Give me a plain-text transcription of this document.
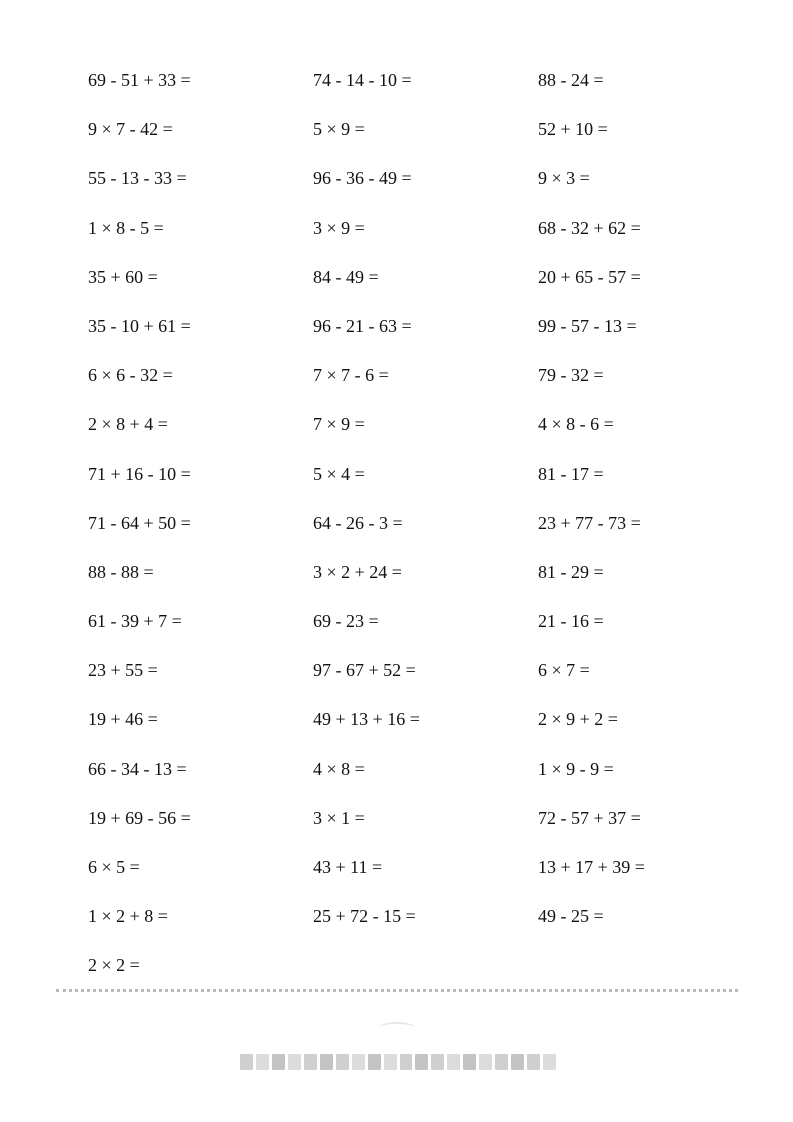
69 - 51 + 33 =
9 × 7 - 42 =
55 - 13 - 33 =
1 × 8 - 5 =
35 + 60 =
35 - 10 + 61 =
6 × 6 - 32 =
2 × 8 + 4 =
71 + 16 - 10 =
71 - 64 + 50 =
88 - 88 =
61 - 39 + 7 =
23 + 55 =
19 + 46 =
66 - 34 - 13 =
19 + 69 - 56 =
6 × 5 =
1 × 2 + 8 =
2 × 2 =
74 - 14 - 10 =
5 × 9 =
96 - 36 - 49 =
3 × 9 =
84 - 49 =
96 - 21 - 63 =
7 × 7 - 6 =
7 × 9 =
5 × 4 =
64 - 26 - 3 =
3 × 2 + 24 =
69 - 23 =
97 - 67 + 52 =
49 + 13 + 16 =
4 × 8 =
3 × 1 =
43 + 11 =
25 + 72 - 15 =
88 - 24 =
52 + 10 =
9 × 3 =
68 - 32 + 62 =
20 + 65 - 57 =
99 - 57 - 13 =
79 - 32 =
4 × 8 - 6 =
81 - 17 =
23 + 77 - 73 =
81 - 29 =
21 - 16 =
6 × 7 =
2 × 9 + 2 =
1 × 9 - 9 =
72 - 57 + 37 =
13 + 17 + 39 =
49 - 25 =
